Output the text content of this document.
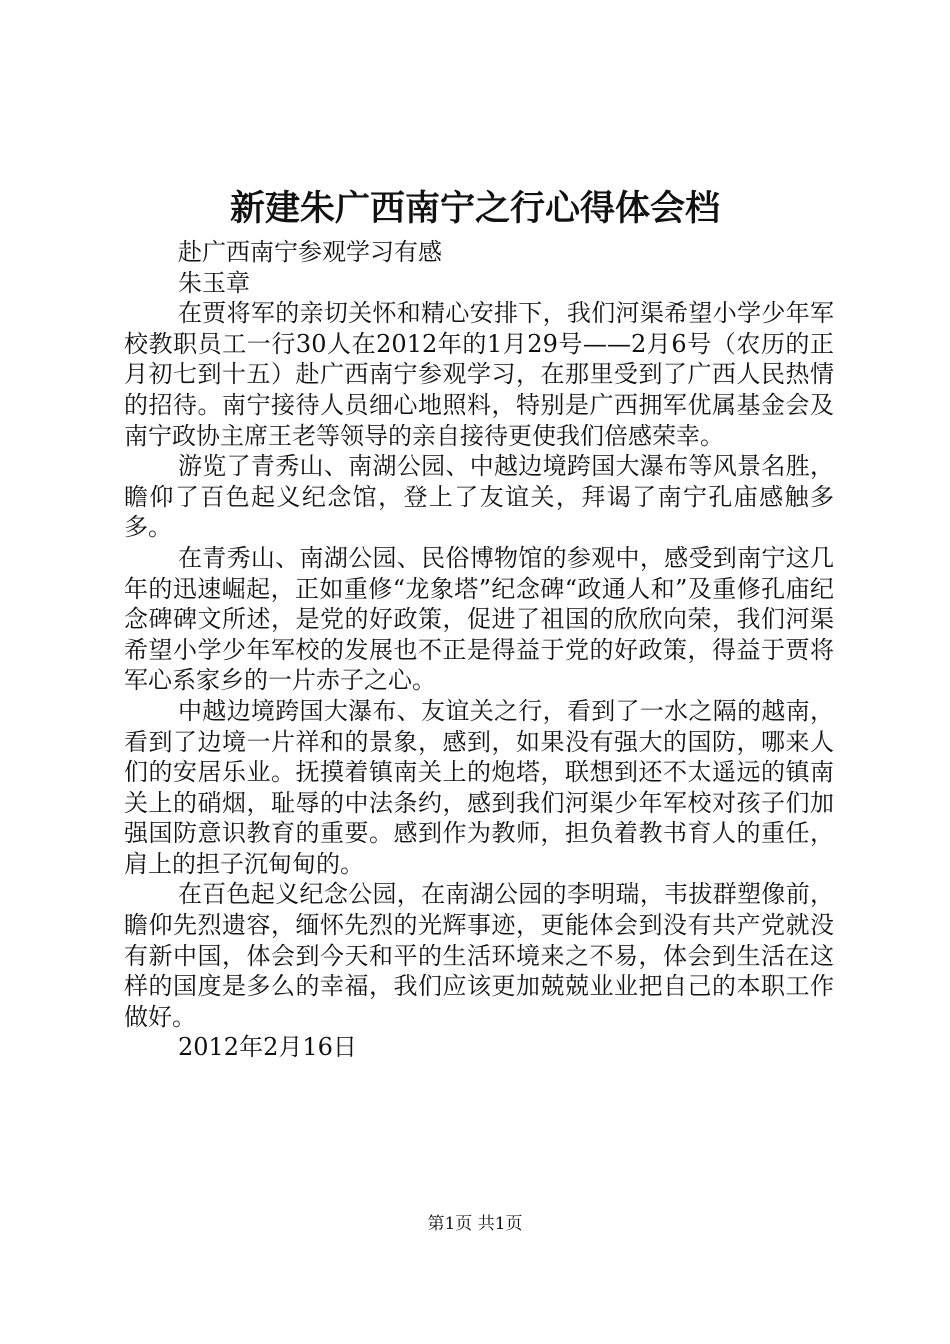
新建朱广西南宁之行心得体会档

赴广西南宁参观学习有感

朱玉章

在贾将军的亲切关怀和精心安排下，我们河渠希望小学少年军校教职员工一行30人在2012年的1月29号——2月6号（农历的正月初七到十五）赴广西南宁参观学习，在那里受到了广西人民热情的招待。南宁接待人员细心地照料，特别是广西拥军优属基金会及南宁政协主席王老等领导的亲自接待更使我们倍感荣幸。

游览了青秀山、南湖公园、中越边境跨国大瀑布等风景名胜，瞻仰了百色起义纪念馆，登上了友谊关，拜谒了南宁孔庙感触多多。

在青秀山、南湖公园、民俗博物馆的参观中，感受到南宁这几年的迅速崛起，正如重修“龙象塔”纪念碑“政通人和”及重修孔庙纪念碑碑文所述，是党的好政策，促进了祖国的欣欣向荣，我们河渠希望小学少年军校的发展也不正是得益于党的好政策，得益于贾将军心系家乡的一片赤子之心。

中越边境跨国大瀑布、友谊关之行，看到了一水之隔的越南，看到了边境一片祥和的景象，感到，如果没有强大的国防，哪来人们的安居乐业。抚摸着镇南关上的炮塔，联想到还不太遥远的镇南关上的硝烟，耻辱的中法条约，感到我们河渠少年军校对孩子们加强国防意识教育的重要。感到作为教师，担负着教书育人的重任，肩上的担子沉甸甸的。

在百色起义纪念公园，在南湖公园的李明瑞，韦拔群塑像前，瞻仰先烈遗容，缅怀先烈的光辉事迹，更能体会到没有共产党就没有新中国，体会到今天和平的生活环境来之不易，体会到生活在这样的国度是多么的幸福，我们应该更加兢兢业业把自己的本职工作做好。

2012年2月16日

第1页 共1页
